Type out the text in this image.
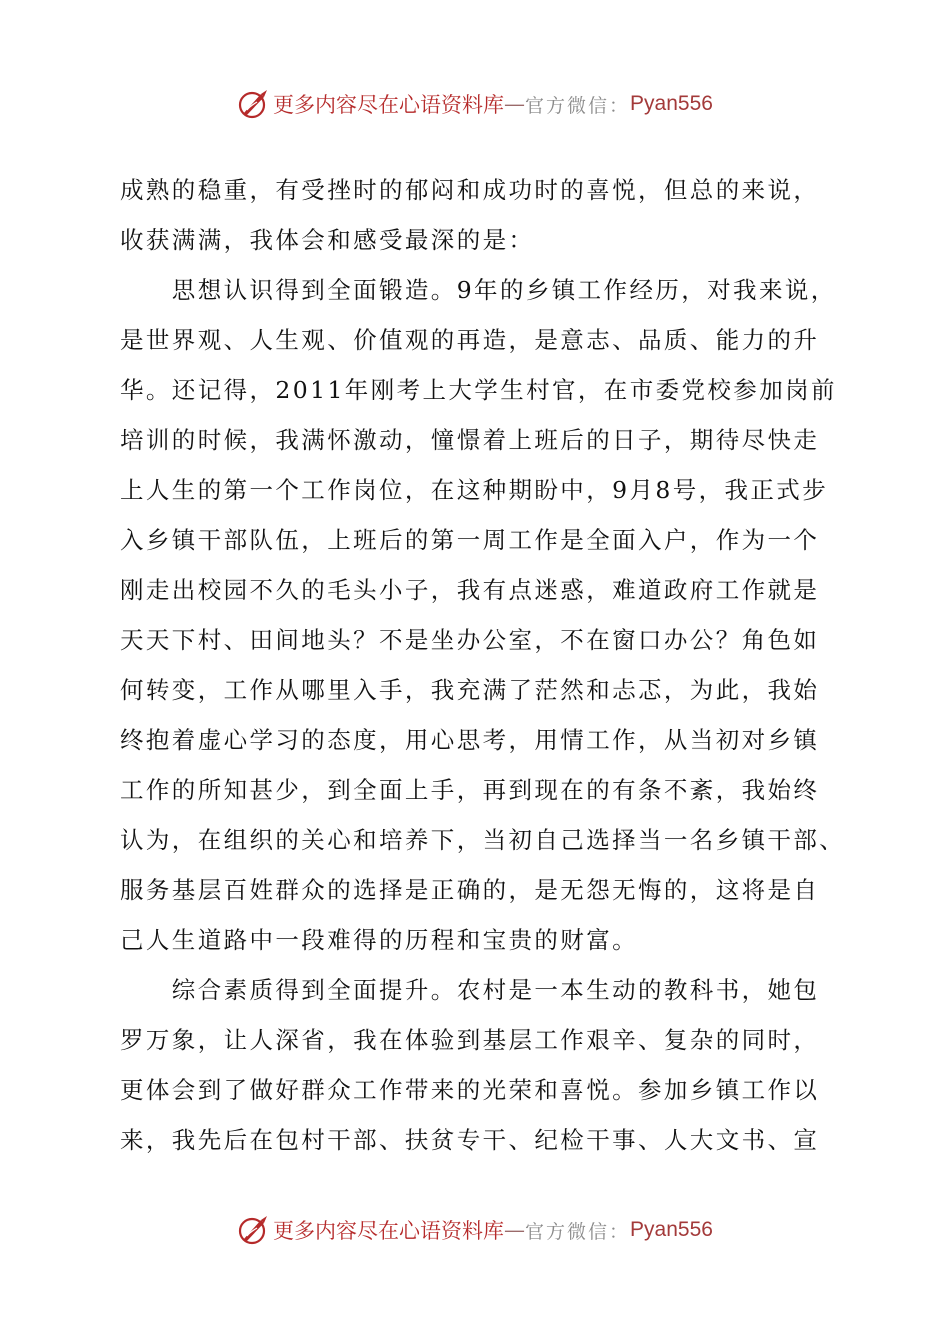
更多内容尽在心语资料库 — 官方微信： Pyan556
成熟的稳重，有受挫时的郁闷和成功时的喜悦，但总的来说，
收获满满，我体会和感受最深的是：
　　思想认识得到全面锻造。9年的乡镇工作经历，对我来说，
是世界观、人生观、价值观的再造，是意志、品质、能力的升
华。还记得，2011年刚考上大学生村官，在市委党校参加岗前
培训的时候，我满怀激动，憧憬着上班后的日子，期待尽快走
上人生的第一个工作岗位，在这种期盼中，9月8号，我正式步
入乡镇干部队伍，上班后的第一周工作是全面入户，作为一个
刚走出校园不久的毛头小子，我有点迷惑，难道政府工作就是
天天下村、田间地头？不是坐办公室，不在窗口办公？角色如
何转变，工作从哪里入手，我充满了茫然和忐忑，为此，我始
终抱着虚心学习的态度，用心思考，用情工作，从当初对乡镇
工作的所知甚少，到全面上手，再到现在的有条不紊，我始终
认为，在组织的关心和培养下，当初自己选择当一名乡镇干部、
服务基层百姓群众的选择是正确的，是无怨无悔的，这将是自
己人生道路中一段难得的历程和宝贵的财富。
　　综合素质得到全面提升。农村是一本生动的教科书，她包
罗万象，让人深省，我在体验到基层工作艰辛、复杂的同时，
更体会到了做好群众工作带来的光荣和喜悦。参加乡镇工作以
来，我先后在包村干部、扶贫专干、纪检干事、人大文书、宣
更多内容尽在心语资料库 — 官方微信： Pyan556
